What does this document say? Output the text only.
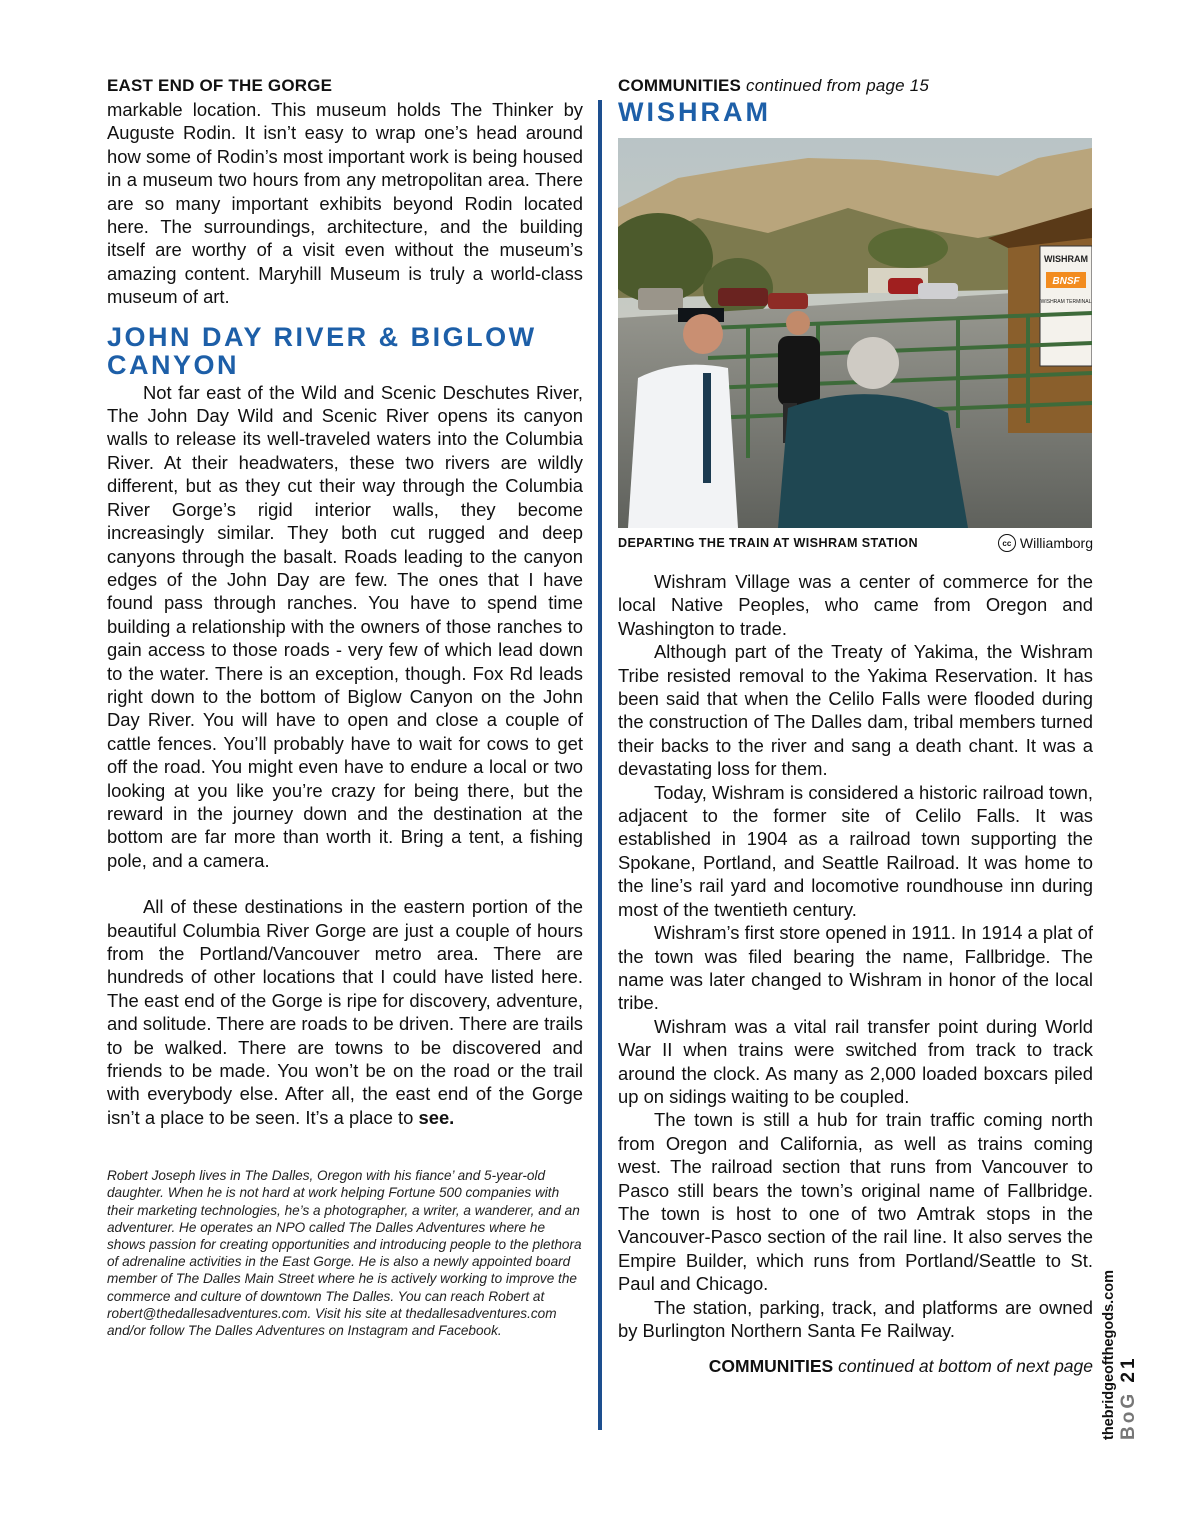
EAST END OF THE GORGE

markable location. This museum holds The Thinker by Auguste Rodin. It isn’t easy to wrap one’s head around how some of Rodin’s most important work is being housed in a museum two hours from any metropolitan area. There are so many important exhibits beyond Rodin located here. The surroundings, architecture, and the building itself are worthy of a visit even without the museum’s amazing content. Maryhill Museum is truly a world-class museum of art.

JOHN DAY RIVER & BIGLOW CANYON

Not far east of the Wild and Scenic Deschutes River, The John Day Wild and Scenic River opens its canyon walls to release its well-traveled waters into the Columbia River. At their headwaters, these two rivers are wildly different, but as they cut their way through the Columbia River Gorge’s rigid interior walls, they become increasingly similar. They both cut rugged and deep canyons through the basalt. Roads leading to the canyon edges of the John Day are few. The ones that I have found pass through ranches. You have to spend time building a relationship with the owners of those ranches to gain access to those roads - very few of which lead down to the water. There is an exception, though. Fox Rd leads right down to the bottom of Biglow Canyon on the John Day River. You will have to open and close a couple of cattle fences. You’ll probably have to wait for cows to get off the road. You might even have to endure a local or two looking at you like you’re crazy for being there, but the reward in the journey down and the destination at the bottom are far more than worth it. Bring a tent, a fishing pole, and a camera.

All of these destinations in the eastern portion of the beautiful Columbia River Gorge are just a couple of hours from the Portland/Vancouver metro area. There are hundreds of other locations that I could have listed here. The east end of the Gorge is ripe for discovery, adventure, and solitude. There are roads to be driven. There are trails to be walked. There are towns to be discovered and friends to be made. You won’t be on the road or the trail with everybody else. After all, the east end of the Gorge isn’t a place to be seen. It’s a place to see.

Robert Joseph lives in The Dalles, Oregon with his fiance’ and 5-year-old daughter. When he is not hard at work helping Fortune 500 companies with their marketing technologies, he’s a photographer, a writer, a wanderer, and an adventurer. He operates an NPO called The Dalles Adventures where he shows passion for creating opportunities and introducing people to the plethora of adrenaline activities in the East Gorge. He is also a newly appointed board member of The Dalles Main Street where he is actively working to improve the commerce and culture of downtown The Dalles. You can reach Robert at robert@thedallesadventures.com. Visit his site at thedallesadventures.com and/or follow The Dalles Adventures on Instagram and Facebook.
COMMUNITIES continued from page 15
WISHRAM
WISHRAM
BNSF
WISHRAM TERMINAL
DEPARTING THE TRAIN AT WISHRAM STATION	cc Williamborg

Wishram Village was a center of commerce for the local Native Peoples, who came from Oregon and Washington to trade.

Although part of the Treaty of Yakima, the Wishram Tribe resisted removal to the Yakima Reservation. It has been said that when the Celilo Falls were flooded during the construction of The Dalles dam, tribal members turned their backs to the river and sang a death chant. It was a devastating loss for them.

Today, Wishram is considered a historic railroad town, adjacent to the former site of Celilo Falls. It was established in 1904 as a railroad town supporting the Spokane, Portland, and Seattle Railroad. It was home to the line’s rail yard and locomotive roundhouse inn during most of the twentieth century.

Wishram’s first store opened in 1911. In 1914 a plat of the town was filed bearing the name, Fallbridge. The name was later changed to Wishram in honor of the local tribe.

Wishram was a vital rail transfer point during World War II when trains were switched from track to track around the clock. As many as 2,000 loaded boxcars piled up on sidings waiting to be coupled.

The town is still a hub for train traffic coming north from Oregon and California, as well as trains coming west. The railroad section that runs from Vancouver to Pasco still bears the town’s original name of Fallbridge. The town is host to one of two Amtrak stops in the Vancouver-Pasco section of the rail line. It also serves the Empire Builder, which runs from Portland/Seattle to St. Paul and Chicago.

The station, parking, track, and platforms are owned by Burlington Northern Santa Fe Railway.

COMMUNITIES continued at bottom of next page thebridgeofthegods.com BoG 21
